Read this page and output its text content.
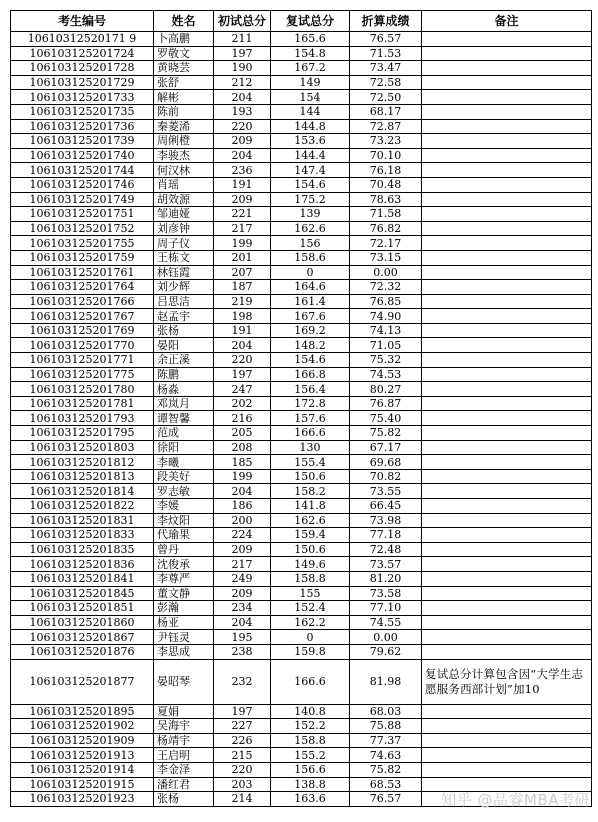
考生编号	姓名	初试总分	复试总分	折算成绩	备注
10610312520171 9	卜高鹏	211	165.6	76.57	
106103125201724	罗敬文	197	154.8	71.53	
106103125201728	黄晓芸	190	167.2	73.47	
106103125201729	张舒	212	149	72.58	
106103125201733	解彬	204	154	72.50	
106103125201735	陈前	193	144	68.17	
106103125201736	秦菱浠	220	144.8	72.87	
106103125201739	周俐橙	209	153.6	73.23	
106103125201740	李骏杰	204	144.4	70.10	
106103125201744	何汉林	236	147.4	76.18	
106103125201746	肖瑶	191	154.6	70.48	
106103125201749	胡效源	209	175.2	78.63	
106103125201751	邹迪娅	221	139	71.58	
106103125201752	刘彦钟	217	162.6	76.82	
106103125201755	周子仪	199	156	72.17	
106103125201759	王栋文	201	158.6	73.15	
106103125201761	林钰霞	207	0	0.00	
106103125201764	刘少辉	187	164.6	72.32	
106103125201766	吕思洁	219	161.4	76.85	
106103125201767	赵孟宇	198	167.6	74.90	
106103125201769	张杨	191	169.2	74.13	
106103125201770	晏阳	204	148.2	71.05	
106103125201771	余正溪	220	154.6	75.32	
106103125201775	陈鹏	197	166.8	74.53	
106103125201780	杨淼	247	156.4	80.27	
106103125201781	邓岚月	202	172.8	76.87	
106103125201793	谭智馨	216	157.6	75.40	
106103125201795	范成	205	166.6	75.82	
106103125201803	徐阳	208	130	67.17	
106103125201812	李曦	185	155.4	69.68	
106103125201813	段美好	199	150.6	70.82	
106103125201814	罗志敏	204	158.2	73.55	
106103125201822	李媛	186	141.8	66.45	
106103125201831	李炆阳	200	162.6	73.98	
106103125201833	代瑜果	224	159.4	77.18	
106103125201835	曾丹	209	150.6	72.48	
106103125201836	沈俊承	217	149.6	73.57	
106103125201841	李尊严	249	158.8	81.20	
106103125201845	董文静	209	155	73.58	
106103125201851	彭瀚	234	152.4	77.10	
106103125201860	杨亚	204	162.2	74.55	
106103125201867	尹钰灵	195	0	0.00	
106103125201876	李思成	238	159.8	79.62	
106103125201877	晏昭琴	232	166.6	81.98	复试总分计算包含因“大学生志愿服务西部计划”加10
106103125201895	夏娟	197	140.8	68.03	
106103125201902	吴海宇	227	152.2	75.88	
106103125201909	杨靖宇	226	158.8	77.37	
106103125201913	王启明	215	155.2	74.63	
106103125201914	李金泽	220	156.6	75.82	
106103125201915	潘红君	203	138.8	68.53	
106103125201923	张杨	214	163.6	76.57		知乎 @品睿MBA考研
